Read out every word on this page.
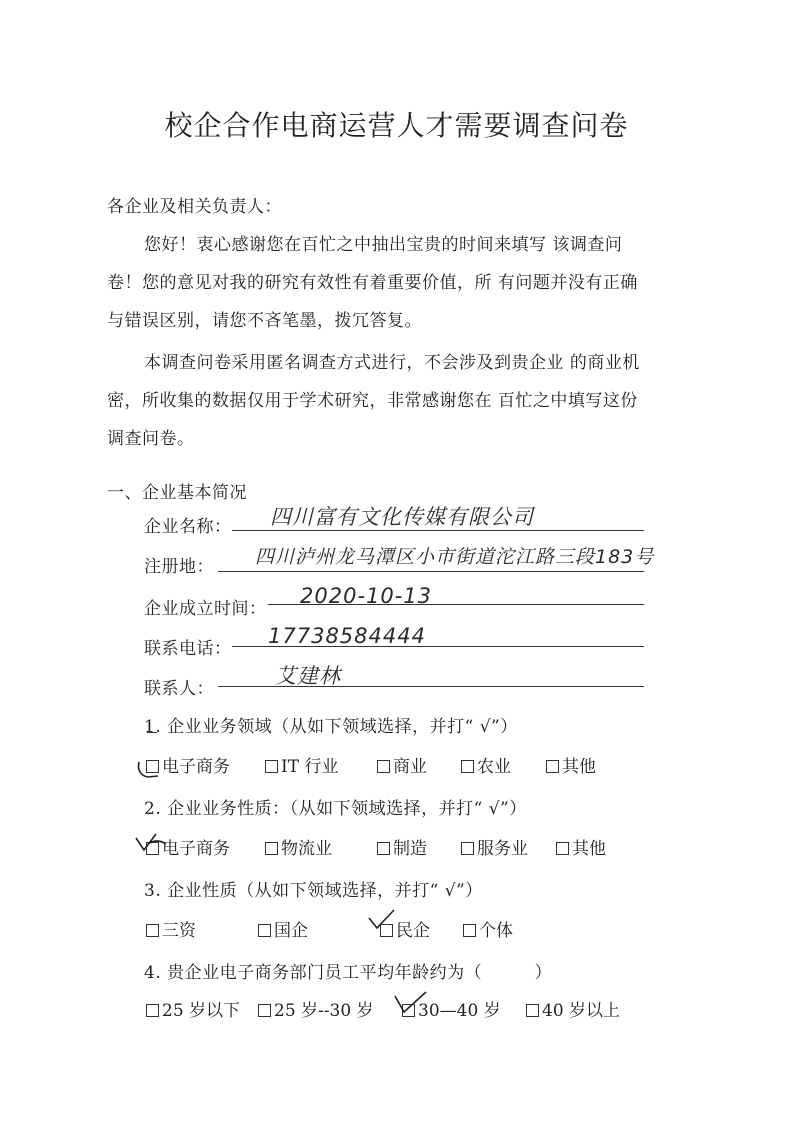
校企合作电商运营人才需要调查问卷
各企业及相关负责人：
您好！衷心感谢您在百忙之中抽出宝贵的时间来填写 该调查问
卷！您的意见对我的研究有效性有着重要价值，所 有问题并没有正确
与错误区别，请您不吝笔墨，拨冗答复。
本调查问卷采用匿名调查方式进行，不会涉及到贵企业 的商业机
密，所收集的数据仅用于学术研究，非常感谢您在 百忙之中填写这份
调查问卷。
一、企业基本简况
企业名称： 四川富有文化传媒有限公司
注册地： 四川泸州龙马潭区小市街道沱江路三段183号
企业成立时间：
2020-10-13
联系电话：
17738584444
联系人：
艾建林
1. 企业业务领域（从如下领域选择，并打“ √”）
电子商务	IT 行业	商业	农业	其他
2. 企业业务性质：（从如下领域选择，并打“ √”）
电子商务	物流业	制造	服务业	其他
3. 企业性质（从如下领域选择，并打“ √”）
三资	国企	民企	个体
4. 贵企业电子商务部门员工平均年龄约为（　　　）
25 岁以下	25 岁--30 岁	30—40 岁	40 岁以上
